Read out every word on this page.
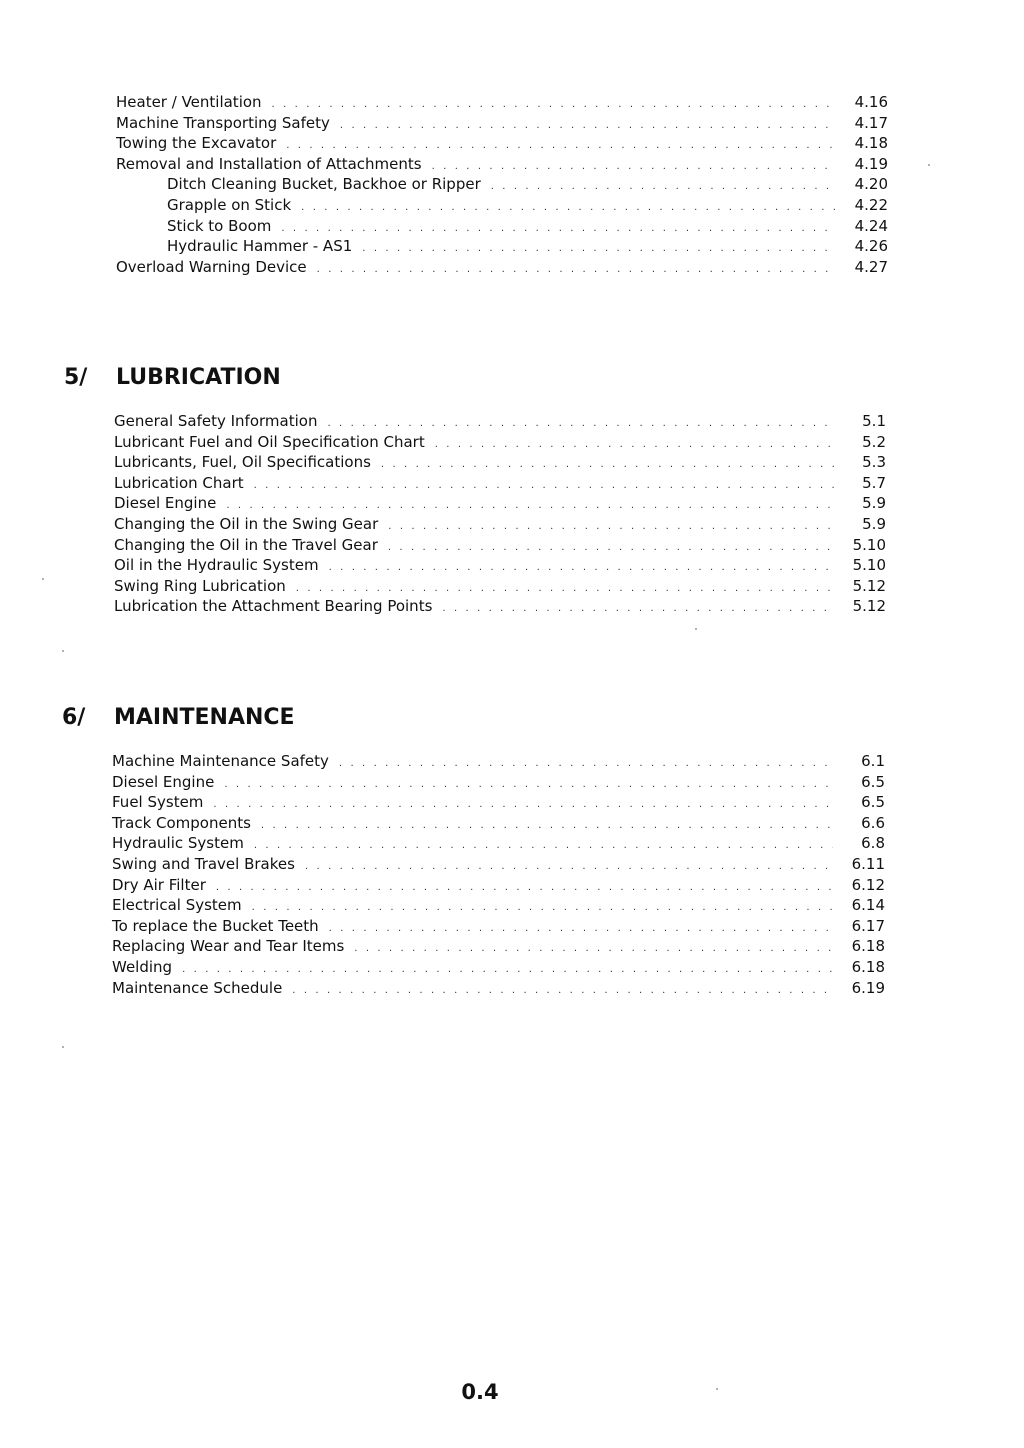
Heater / Ventilation . . .	4.16
Machine Transporting Safety . . .	4.17
Towing the Excavator . . .	4.18
Removal and Installation of Attachments . . .	4.19
Ditch Cleaning Bucket, Backhoe or Ripper . . .	4.20
Grapple on Stick . . .	4.22
Stick to Boom . . .	4.24
Hydraulic Hammer - AS1 . . .	4.26
Overload Warning Device . . .	4.27
5/ LUBRICATION
General Safety Information . . .	5.1
Lubricant Fuel and Oil Specification Chart . . .	5.2
Lubricants, Fuel, Oil Specifications . . .	5.3
Lubrication Chart . . .	5.7
Diesel Engine . . .	5.9
Changing the Oil in the Swing Gear . . .	5.9
Changing the Oil in the Travel Gear . . .	5.10
Oil in the Hydraulic System . . .	5.10
Swing Ring Lubrication . . .	5.12
Lubrication the Attachment Bearing Points . . .	5.12
6/ MAINTENANCE
Machine Maintenance Safety . . .	6.1
Diesel Engine . . .	6.5
Fuel System . . .	6.5
Track Components . . .	6.6
Hydraulic System . . .	6.8
Swing and Travel Brakes . . .	6.11
Dry Air Filter . . .	6.12
Electrical System . . .	6.14
To replace the Bucket Teeth . . .	6.17
Replacing Wear and Tear Items . . .	6.18
Welding . . .	6.18
Maintenance Schedule . . .	6.19
0.4
